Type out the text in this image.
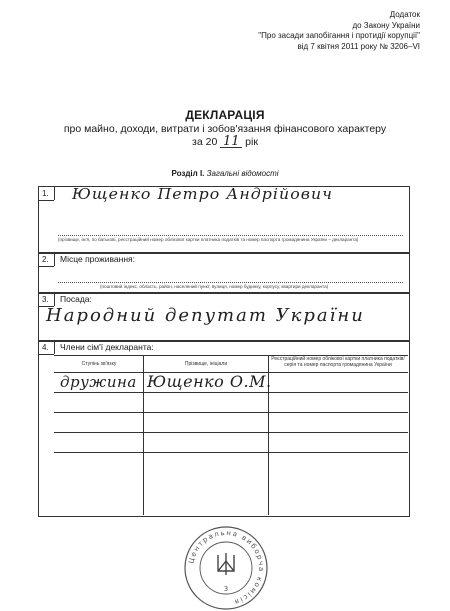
Додаток
до Закону України
"Про засади запобігання і протидії корупції"
від 7 квітня 2011 року № 3206–VI
ДЕКЛАРАЦІЯ
про майно, доходи, витрати і зобов'язання фінансового характеру
за 20 11 рік
Розділ І. Загальні відомості
1. Ющенко Петро Андрійович
(прізвище, ім'я, по батькові, реєстраційний номер облікової картки платника податків та номер паспорта громадянина України – декларанта)
2. Місце проживання:
(поштовий індекс, область, район, населений пункт, вулиця, номер будинку, корпусу, квартири декларанта)
3. Посада:
Народний депутат України
4. Члени сім'ї декларанта:
Ступінь зв'язку	Прізвище, ініціали
Реєстраційний номер облікової картки платника податків/ серія та номер паспорта громадянина України
дружина Ющенко О.М.
Центральна виборча комісія
3
